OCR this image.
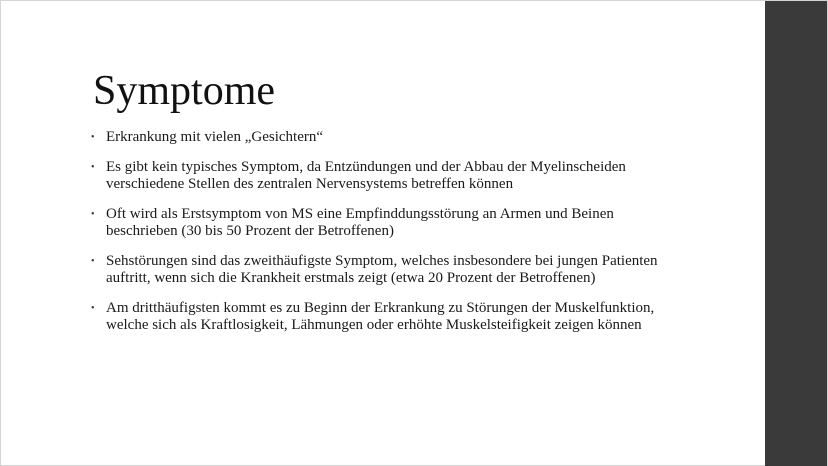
Symptome
• Erkrankung mit vielen „Gesichtern“
• Es gibt kein typisches Symptom, da Entzündungen und der Abbau der Myelinscheiden verschiedene Stellen des zentralen Nervensystems betreffen können
• Oft wird als Erstsymptom von MS eine Empfinddungsstörung an Armen und Beinen beschrieben (30 bis 50 Prozent der Betroffenen)
• Sehstörungen sind das zweithäufigste Symptom, welches insbesondere bei jungen Patienten auftritt, wenn sich die Krankheit erstmals zeigt (etwa 20 Prozent der Betroffenen)
• Am dritthäufigsten kommt es zu Beginn der Erkrankung zu Störungen der Muskelfunktion, welche sich als Kraftlosigkeit, Lähmungen oder erhöhte Muskelsteifigkeit zeigen können
